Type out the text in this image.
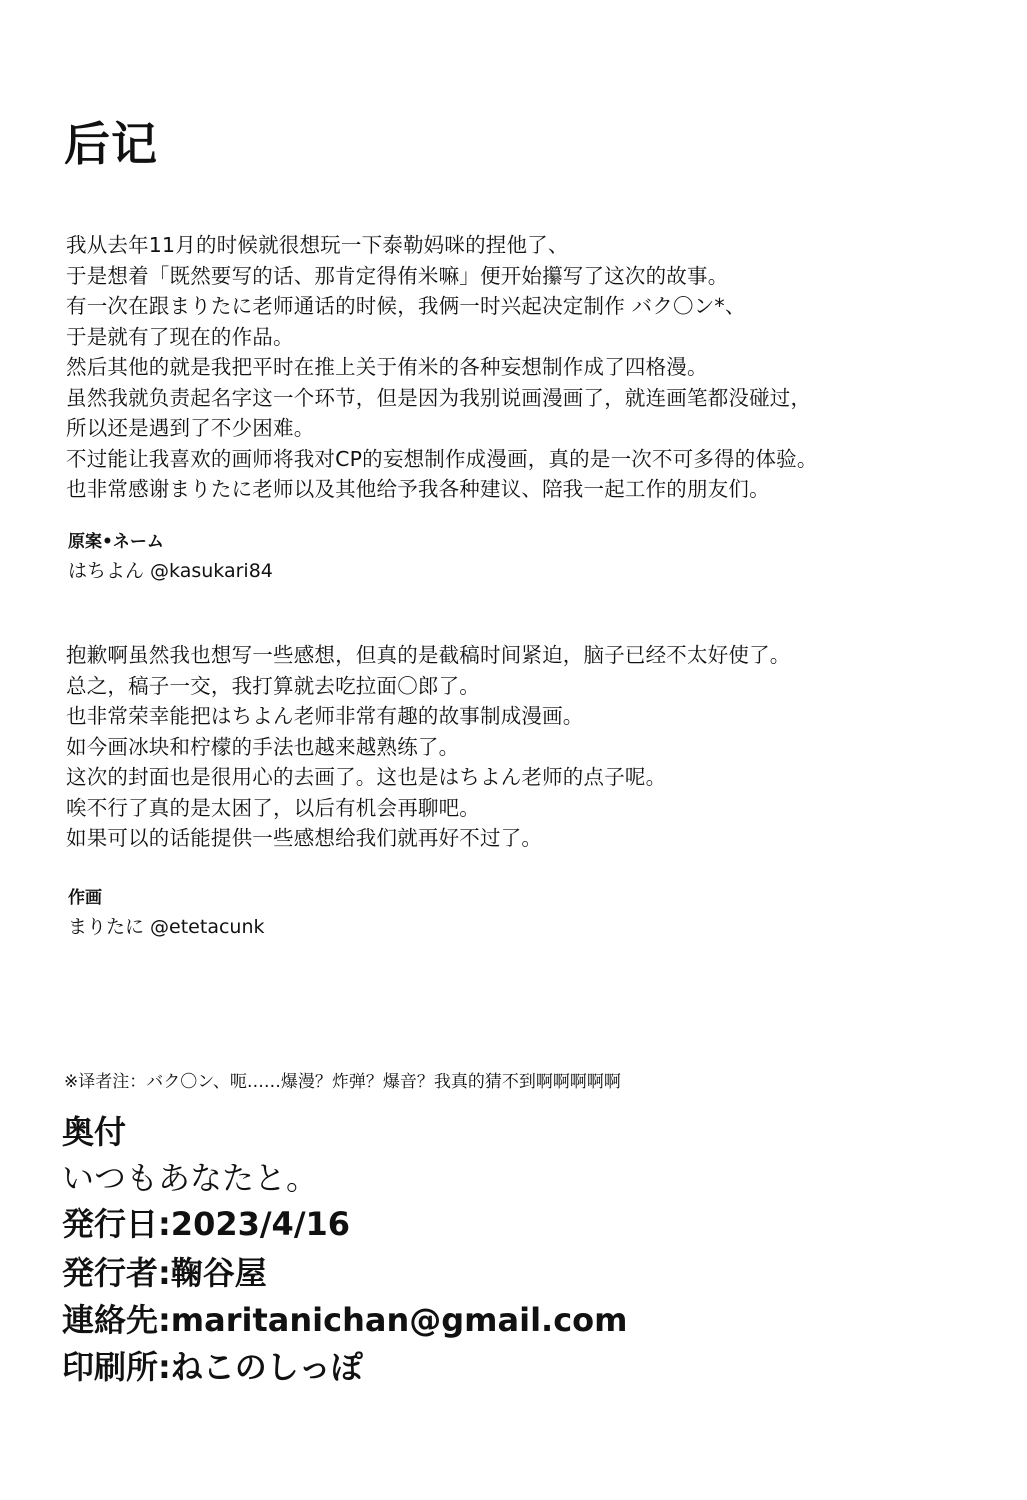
后记
我从去年11月的时候就很想玩一下泰勒妈咪的捏他了、
于是想着「既然要写的话、那肯定得侑米嘛」便开始攥写了这次的故事。
有一次在跟まりたに老师通话的时候，我俩一时兴起决定制作 バク〇ン*、
于是就有了现在的作品。
然后其他的就是我把平时在推上关于侑米的各种妄想制作成了四格漫。
虽然我就负责起名字这一个环节，但是因为我别说画漫画了，就连画笔都没碰过，
所以还是遇到了不少困难。
不过能让我喜欢的画师将我对CP的妄想制作成漫画，真的是一次不可多得的体验。
也非常感谢まりたに老师以及其他给予我各种建议、陪我一起工作的朋友们。
原案•ネーム
はちよん @kasukari84
抱歉啊虽然我也想写一些感想，但真的是截稿时间紧迫，脑子已经不太好使了。
总之，稿子一交，我打算就去吃拉面〇郎了。
也非常荣幸能把はちよん老师非常有趣的故事制成漫画。
如今画冰块和柠檬的手法也越来越熟练了。
这次的封面也是很用心的去画了。这也是はちよん老师的点子呢。
唉不行了真的是太困了，以后有机会再聊吧。
如果可以的话能提供一些感想给我们就再好不过了。
作画
まりたに @etetacunk
※译者注：バク〇ン、呃……爆漫？炸弹？爆音？我真的猜不到啊啊啊啊啊
奥付
いつもあなたと。
発行日:2023/4/16
発行者:鞠谷屋
連絡先:maritanichan@gmail.com
印刷所:ねこのしっぽ
